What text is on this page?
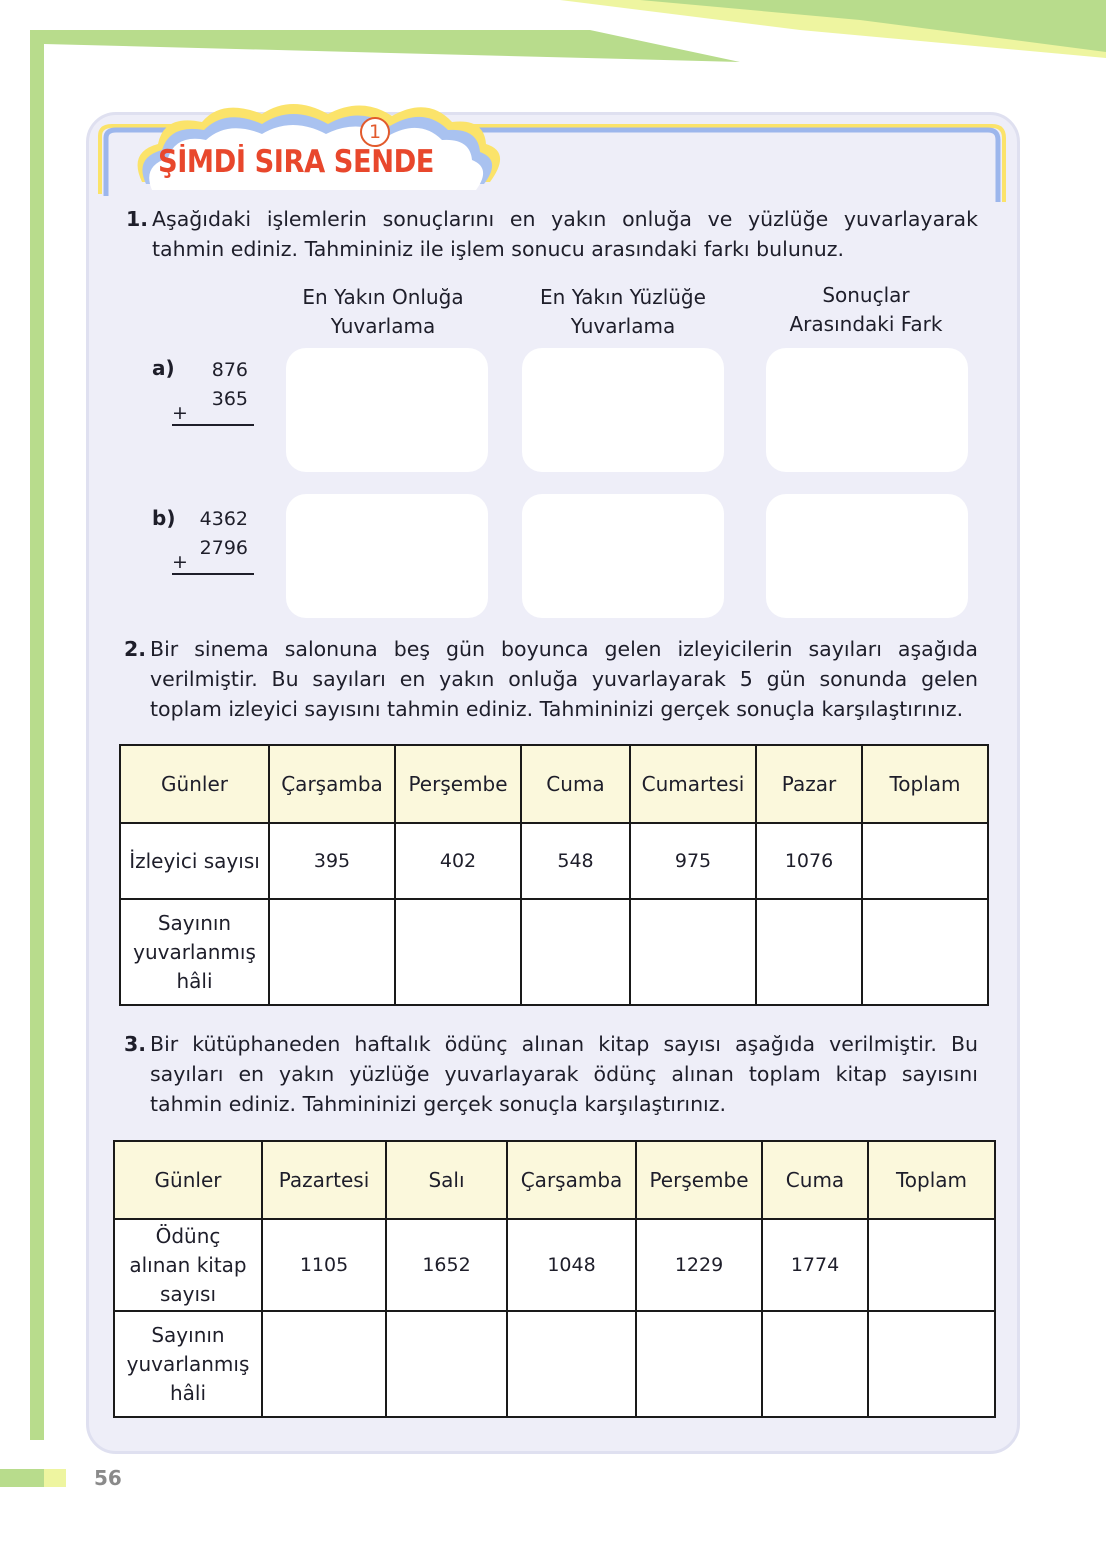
1
ŞİMDİ SIRA SENDE
1. Aşağıdaki işlemlerin sonuçlarını en yakın onluğa ve yüzlüğe yuvarlayarak tahmin ediniz. Tahmininiz ile işlem sonucu arasındaki farkı bulunuz.
En Yakın Onluğa
Yuvarlama
En Yakın Yüzlüğe
Yuvarlama
Sonuçlar
Arasındaki Fark
a)	876
365
+
b)	4362
2796
+
2. Bir sinema salonuna beş gün boyunca gelen izleyicilerin sayıları aşağıda verilmiştir. Bu sayıları en yakın onluğa yuvarlayarak 5 gün sonunda gelen toplam izleyici sayısını tahmin ediniz. Tahmininizi gerçek sonuçla karşılaştırınız.
Günler	Çarşamba	Perşembe	Cuma	Cumartesi	Pazar	Toplam
İzleyici sayısı	395	402	548	975	1076	

Sayının
yuvarlanmış
hâli						

3. Bir kütüphaneden haftalık ödünç alınan kitap sayısı aşağıda verilmiştir. Bu sayıları en yakın yüzlüğe yuvarlayarak ödünç alınan toplam kitap sayısını tahmin ediniz. Tahmininizi gerçek sonuçla karşılaştırınız.
Günler	Pazartesi	Salı	Çarşamba	Perşembe	Cuma	Toplam

Ödünç
alınan kitap
sayısı	1105	1652	1048	1229	1774	

Sayının
yuvarlanmış
hâli						

56
